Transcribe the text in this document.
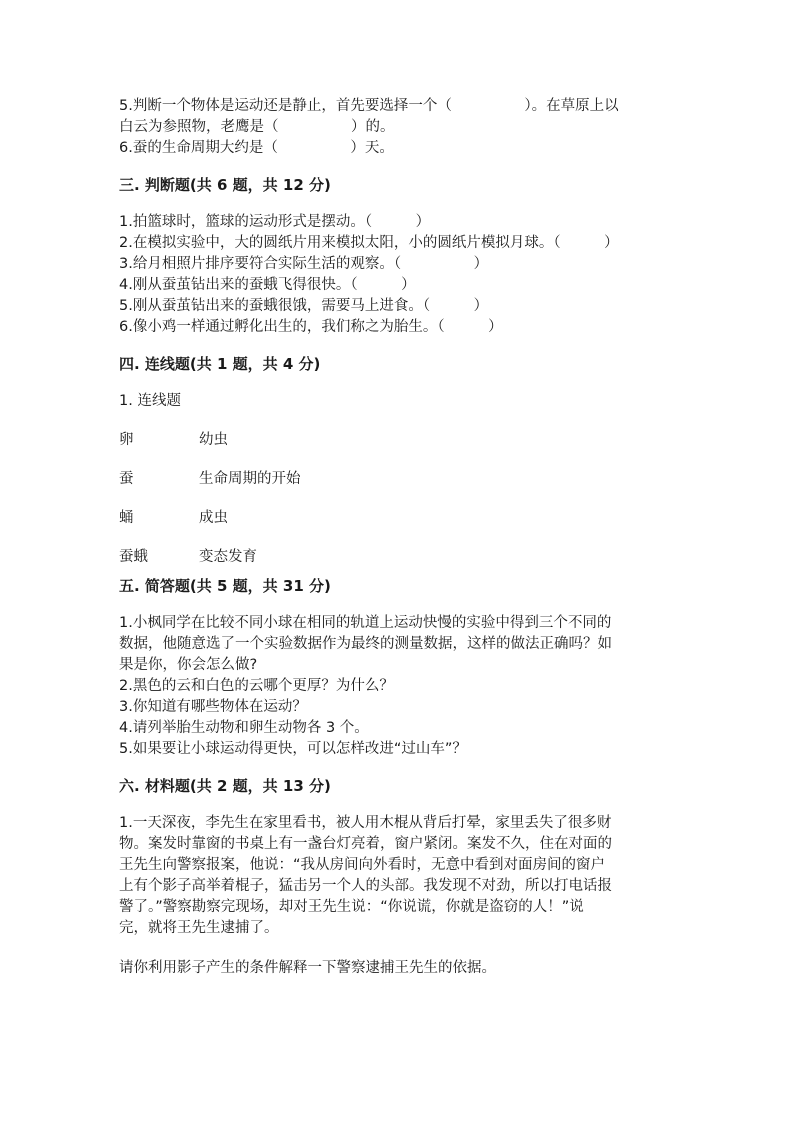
5.判断一个物体是运动还是静止，首先要选择一个（　　　　　）。在草原上以
白云为参照物，老鹰是（　　　　　）的。
6.蚕的生命周期大约是（　　　　　）天。
三. 判断题(共 6 题，共 12 分)
1.拍篮球时，篮球的运动形式是摆动。（　　　）
2.在模拟实验中，大的圆纸片用来模拟太阳，小的圆纸片模拟月球。（　　　）
3.给月相照片排序要符合实际生活的观察。（　　　　　）
4.刚从蚕茧钻出来的蚕蛾飞得很快。（　　　）
5.刚从蚕茧钻出来的蚕蛾很饿，需要马上进食。（　　　）
6.像小鸡一样通过孵化出生的，我们称之为胎生。（　　　）
四. 连线题(共 1 题，共 4 分)
1. 连线题
卵	幼虫
蚕	生命周期的开始
蛹	成虫
蚕蛾	变态发育
五. 简答题(共 5 题，共 31 分)
1.小枫同学在比较不同小球在相同的轨道上运动快慢的实验中得到三个不同的
数据，他随意选了一个实验数据作为最终的测量数据，这样的做法正确吗？如
果是你，你会怎么做?
2.黑色的云和白色的云哪个更厚？为什么？
3.你知道有哪些物体在运动？
4.请列举胎生动物和卵生动物各 3 个。
5.如果要让小球运动得更快，可以怎样改进“过山车”？
六. 材料题(共 2 题，共 13 分)
1.一天深夜，李先生在家里看书，被人用木棍从背后打晕，家里丢失了很多财
物。案发时靠窗的书桌上有一盏台灯亮着，窗户紧闭。案发不久，住在对面的
王先生向警察报案，他说：“我从房间向外看时，无意中看到对面房间的窗户
上有个影子高举着棍子，猛击另一个人的头部。我发现不对劲，所以打电话报
警了。”警察勘察完现场，却对王先生说：“你说谎，你就是盗窃的人！”说
完，就将王先生逮捕了。
请你利用影子产生的条件解释一下警察逮捕王先生的依据。
